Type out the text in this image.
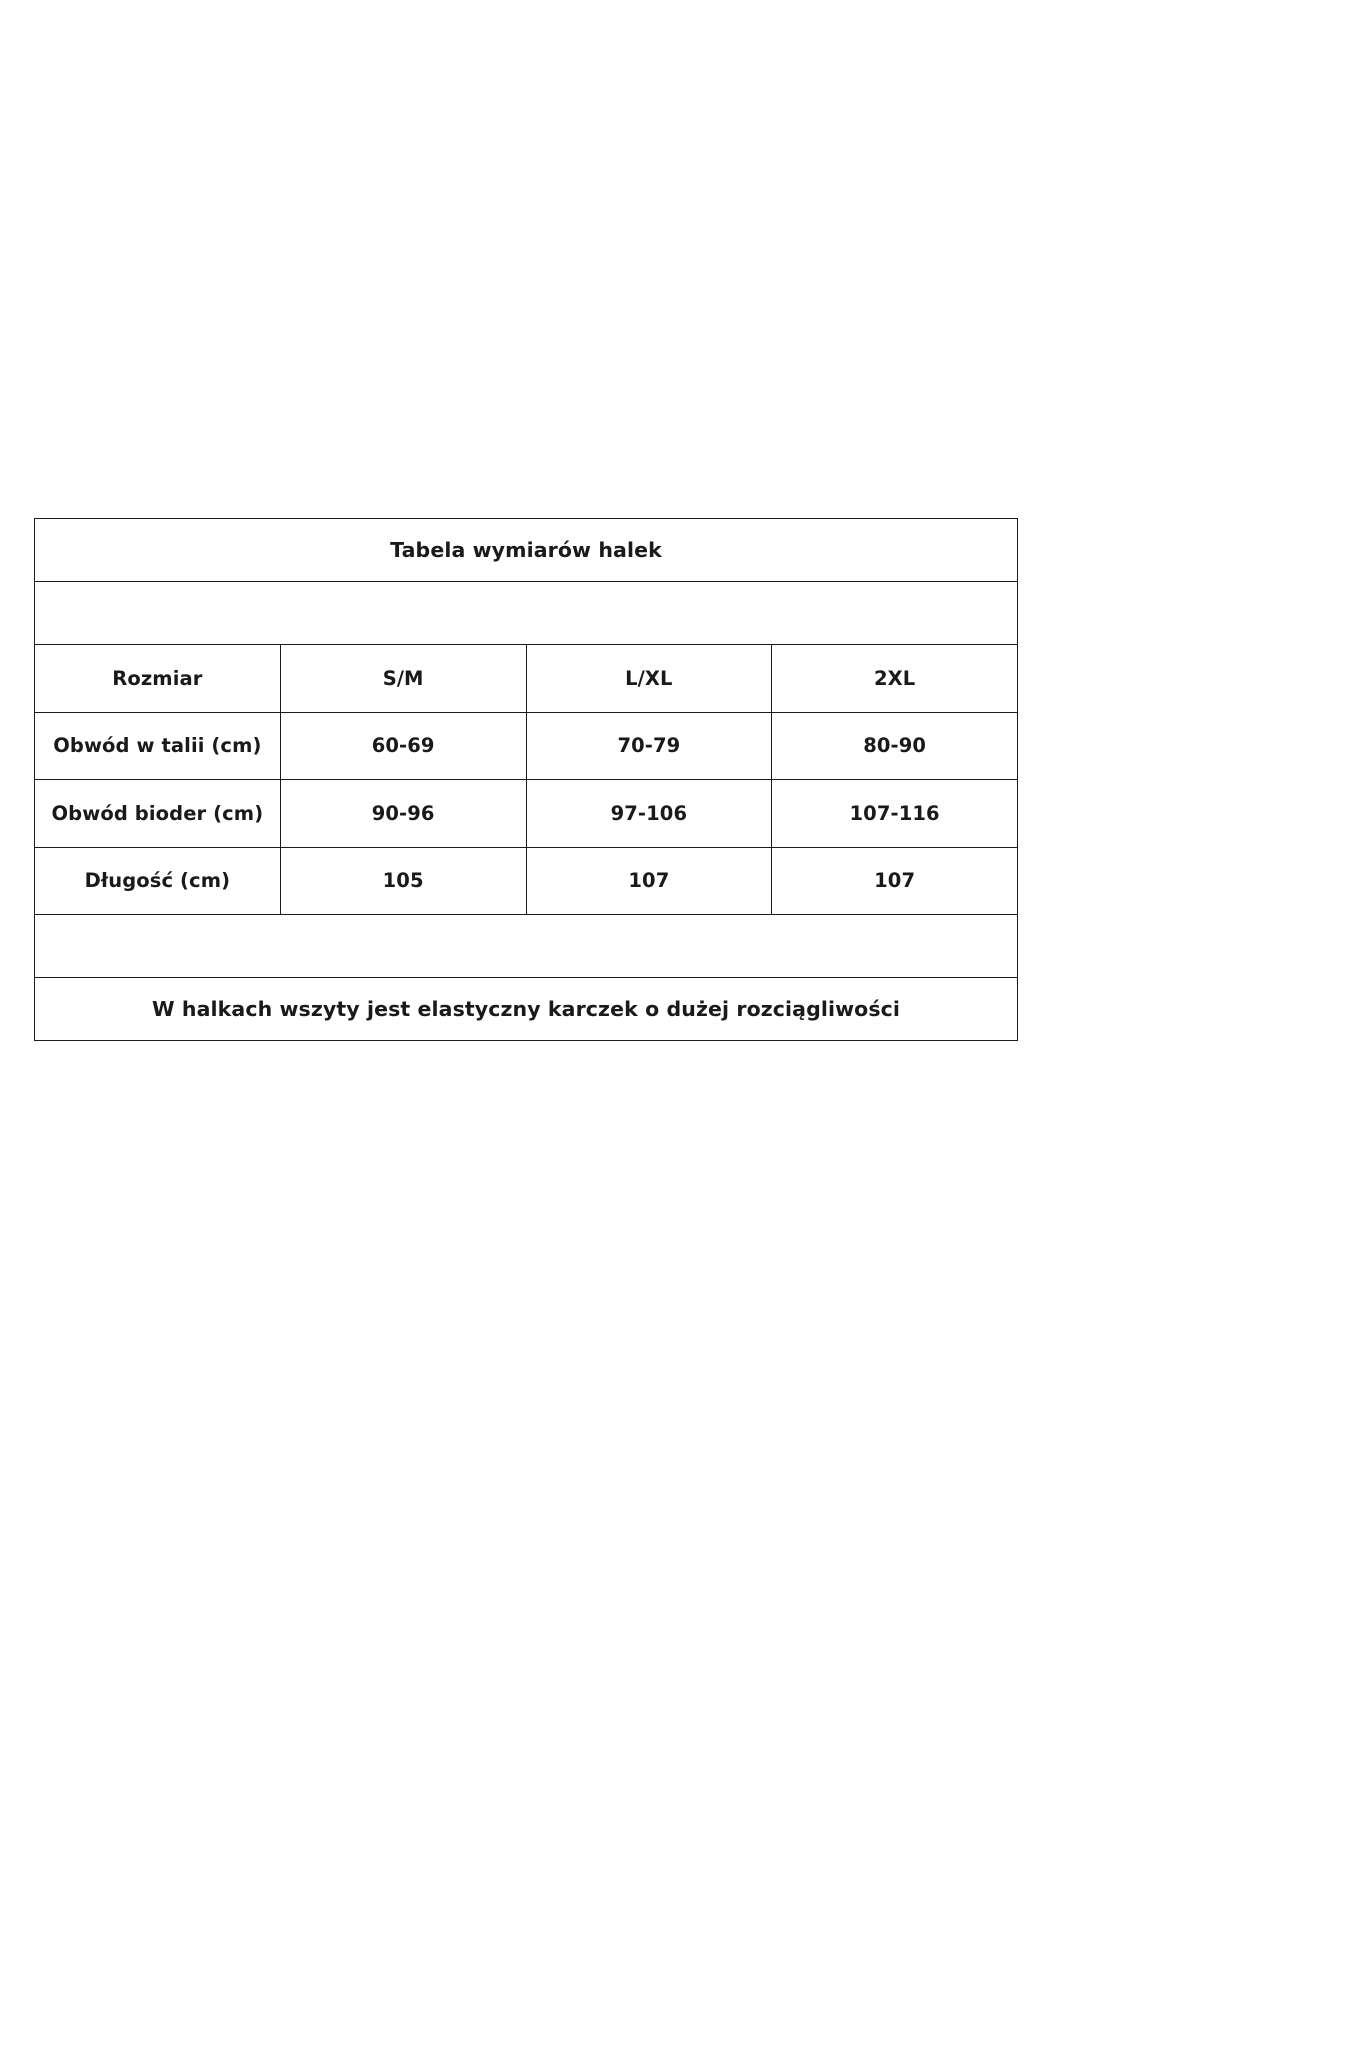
Tabela wymiarów halek			

Rozmiar	S/M	L/XL	2XL
Obwód w talii (cm)	60-69	70-79	80-90
Obwód bioder (cm)	90-96	97-106	107-116
Długość (cm)	105	107	107

W halkach wszyty jest elastyczny karczek o dużej rozciągliwości			
